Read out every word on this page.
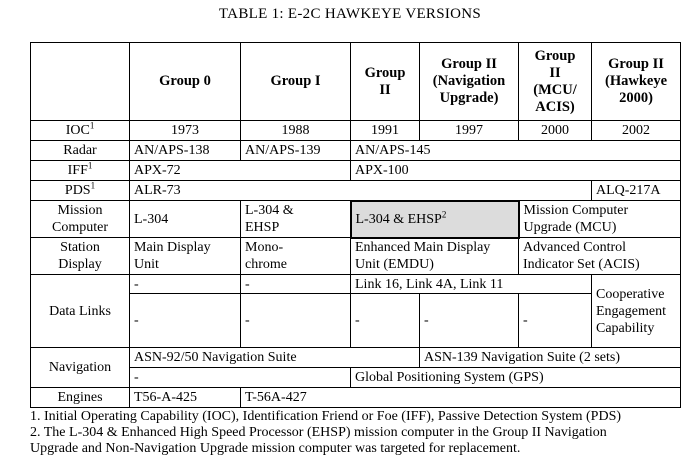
TABLE 1: E-2C HAWKEYE VERSIONS
	Group 0	Group I	Group
II	Group II
(Navigation
Upgrade)	Group
II
(MCU/
ACIS)	Group II
(Hawkeye
2000)
IOC$^1$	1973	1988	1991	1997	2000	2002
Radar	AN/APS-138	AN/APS-139	AN/APS-145			
IFF$^1$	APX-72		APX-100			
PDS$^1$	ALR-73					ALQ-217A
Mission
Computer	L-304	L-304 &
EHSP	L-304 & EHSP$^2$		Mission Computer
Upgrade (MCU)	
Station
Display	Main Display
Unit	Mono-
chrome	Enhanced Main Display
Unit (EMDU)		Advanced Control
Indicator Set (ACIS)	
Data Links	-	-	Link 16, Link 4A, Link 11			Cooperative
Engagement
Capability
	-	-	-	-	-	
Navigation	ASN-92/50 Navigation Suite			ASN-139 Navigation Suite (2 sets)		
	-		Global Positioning System (GPS)			
Engines	T56-A-425	T-56A-427				
1. Initial Operating Capability (IOC), Identification Friend or Foe (IFF), Passive Detection System (PDS)
2. The L-304 & Enhanced High Speed Processor (EHSP) mission computer in the Group II Navigation
Upgrade and Non-Navigation Upgrade mission computer was targeted for replacement.
